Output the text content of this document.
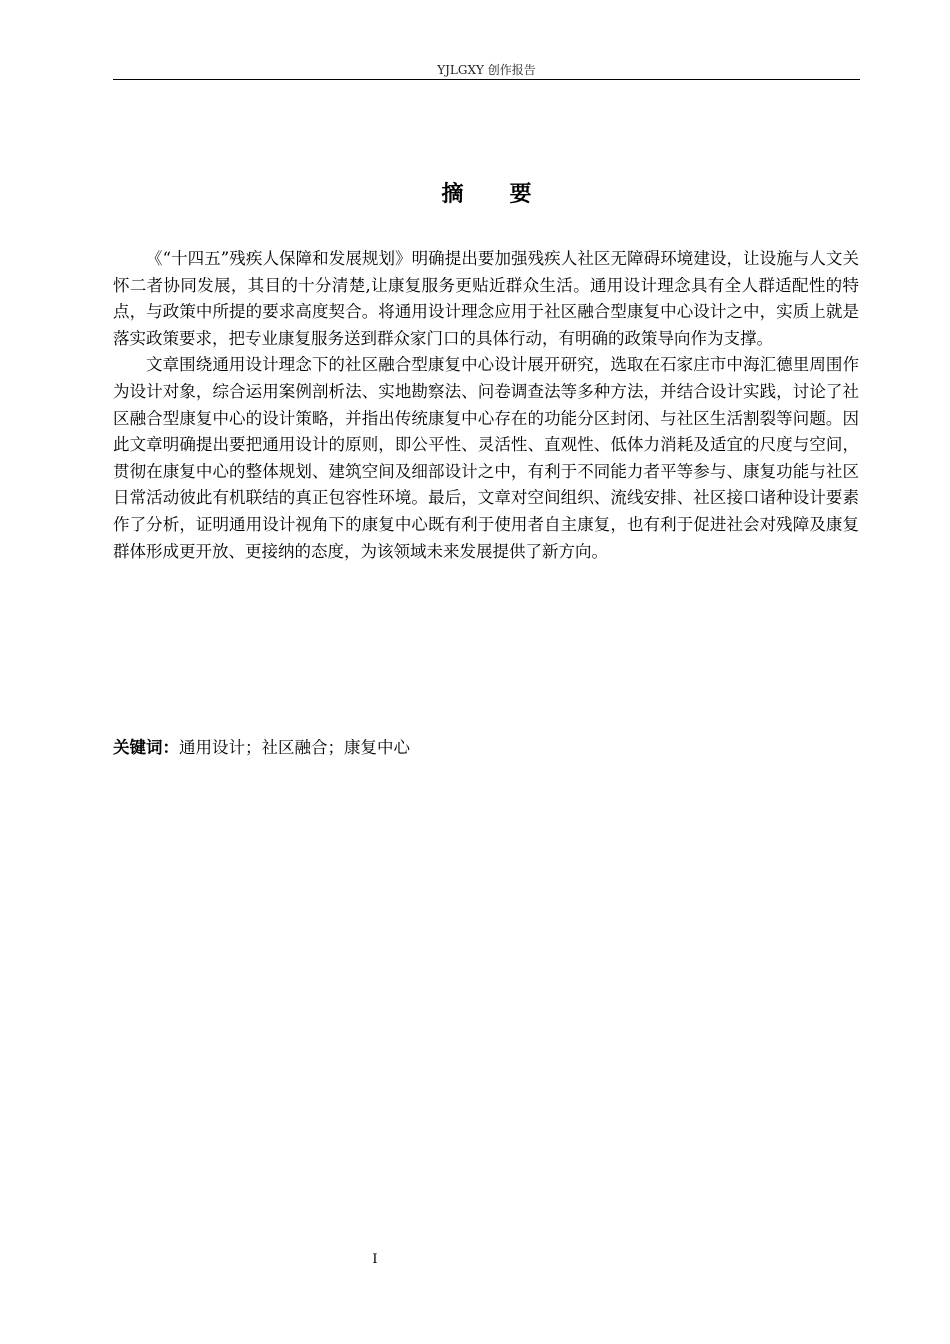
YJLGXY 创作报告
摘要

《“十四五”残疾人保障和发展规划》明确提出要加强残疾人社区无障碍环境建设，让设施与人文关怀二者协同发展，其目的十分清楚,让康复服务更贴近群众生活。通用设计理念具有全人群适配性的特点，与政策中所提的要求高度契合。将通用设计理念应用于社区融合型康复中心设计之中，实质上就是落实政策要求，把专业康复服务送到群众家门口的具体行动，有明确的政策导向作为支撑。

文章围绕通用设计理念下的社区融合型康复中心设计展开研究，选取在石家庄市中海汇德里周围作为设计对象，综合运用案例剖析法、实地勘察法、问卷调查法等多种方法，并结合设计实践，讨论了社区融合型康复中心的设计策略，并指出传统康复中心存在的功能分区封闭、与社区生活割裂等问题。因此文章明确提出要把通用设计的原则，即公平性、灵活性、直观性、低体力消耗及适宜的尺度与空间，贯彻在康复中心的整体规划、建筑空间及细部设计之中，有利于不同能力者平等参与、康复功能与社区日常活动彼此有机联结的真正包容性环境。最后，文章对空间组织、流线安排、社区接口诸种设计要素作了分析，证明通用设计视角下的康复中心既有利于使用者自主康复，也有利于促进社会对残障及康复群体形成更开放、更接纳的态度，为该领域未来发展提供了新方向。

关键词：通用设计；社区融合；康复中心
I
